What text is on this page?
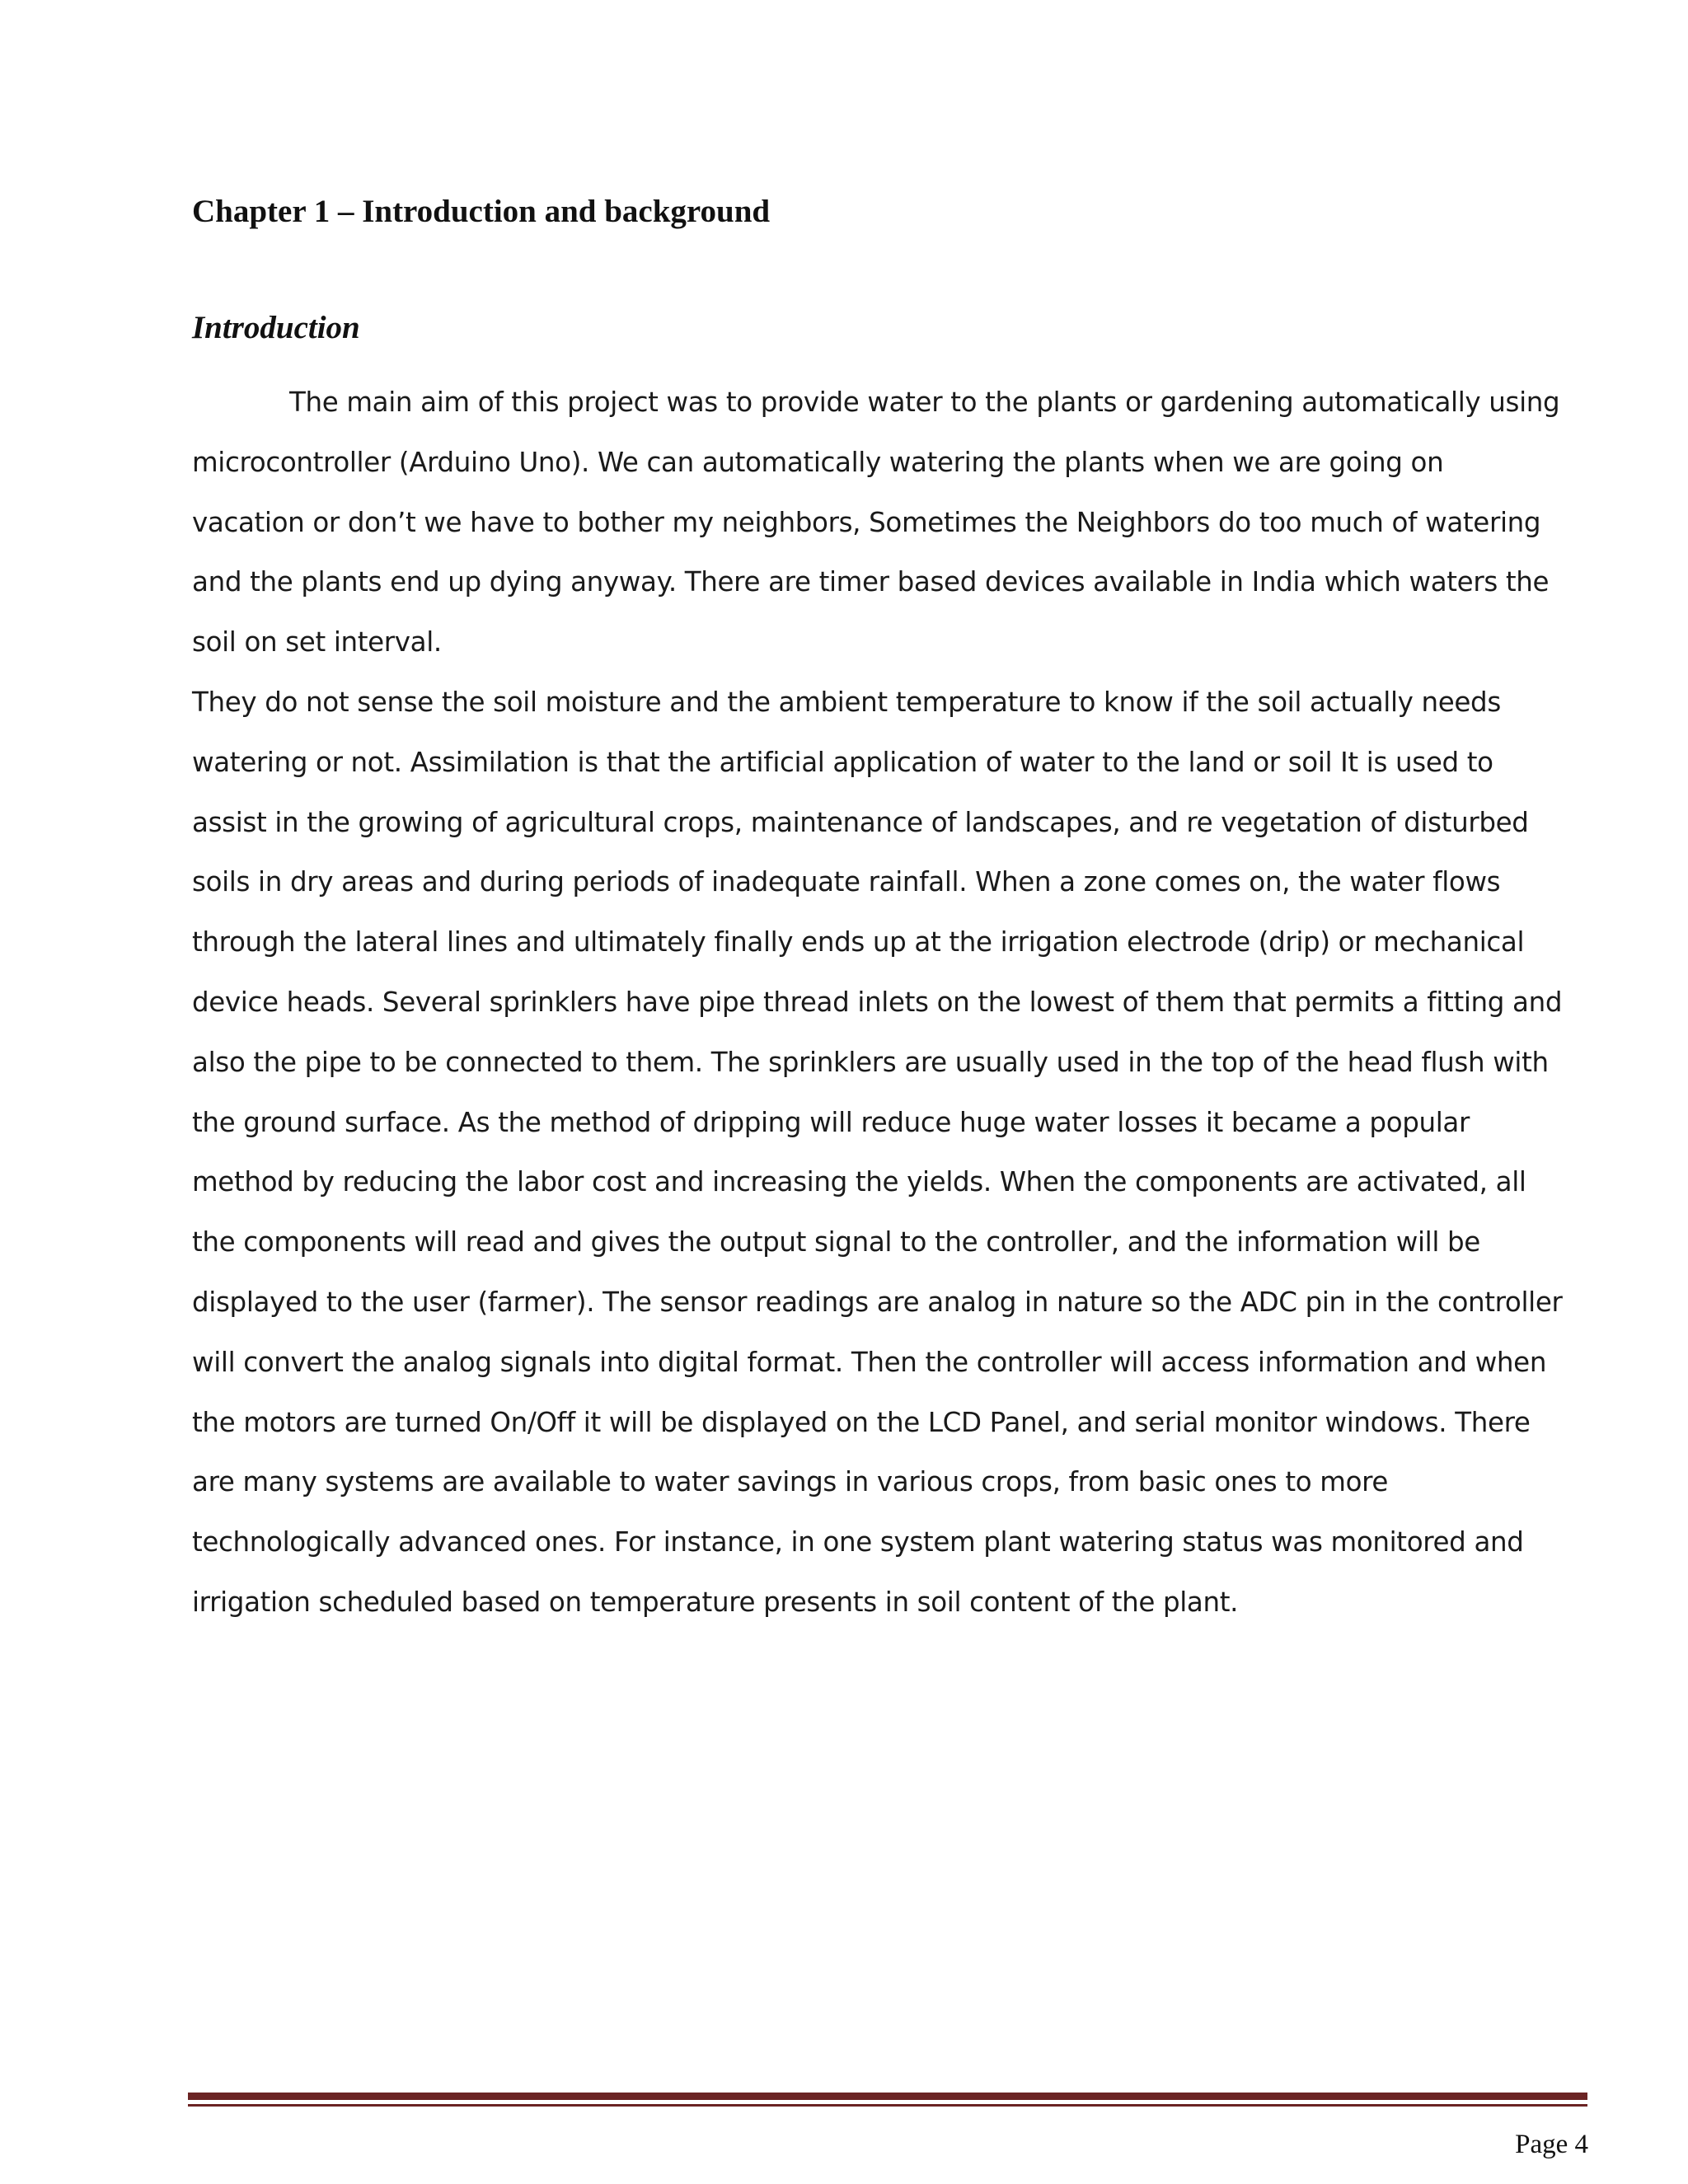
Chapter 1 – Introduction and background
Introduction

The main aim of this project was to provide water to the plants or gardening automatically using
microcontroller (Arduino Uno). We can automatically watering the plants when we are going on
vacation or don’t we have to bother my neighbors, Sometimes the Neighbors do too much of watering
and the plants end up dying anyway. There are timer based devices available in India which waters the
soil on set interval.

They do not sense the soil moisture and the ambient temperature to know if the soil actually needs
watering or not. Assimilation is that the artificial application of water to the land or soil It is used to
assist in the growing of agricultural crops, maintenance of landscapes, and re vegetation of disturbed
soils in dry areas and during periods of inadequate rainfall. When a zone comes on, the water flows
through the lateral lines and ultimately finally ends up at the irrigation electrode (drip) or mechanical
device heads. Several sprinklers have pipe thread inlets on the lowest of them that permits a fitting and
also the pipe to be connected to them. The sprinklers are usually used in the top of the head flush with
the ground surface. As the method of dripping will reduce huge water losses it became a popular
method by reducing the labor cost and increasing the yields. When the components are activated, all
the components will read and gives the output signal to the controller, and the information will be
displayed to the user (farmer). The sensor readings are analog in nature so the ADC pin in the controller
will convert the analog signals into digital format. Then the controller will access information and when
the motors are turned On/Off it will be displayed on the LCD Panel, and serial monitor windows. There
are many systems are available to water savings in various crops, from basic ones to more
technologically advanced ones. For instance, in one system plant watering status was monitored and
irrigation scheduled based on temperature presents in soil content of the plant.

Page 4
